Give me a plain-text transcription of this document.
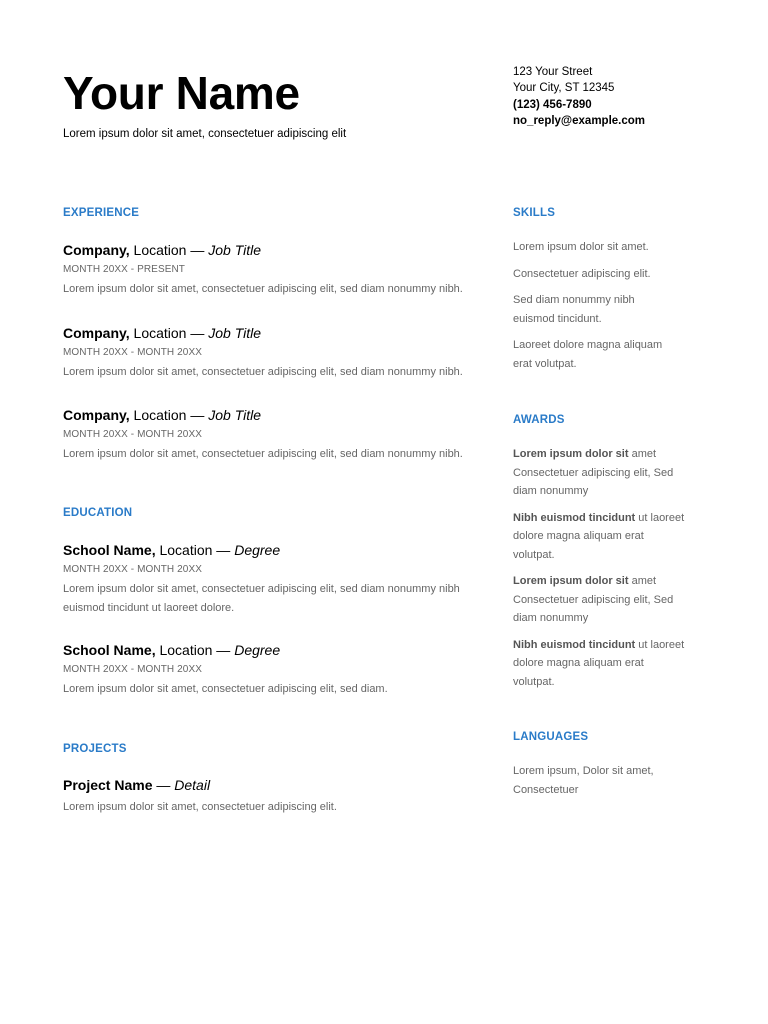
Your Name
Lorem ipsum dolor sit amet, consectetuer adipiscing elit
EXPERIENCE
Company, Location — Job Title
MONTH 20XX - PRESENT
Lorem ipsum dolor sit amet, consectetuer adipiscing elit, sed diam nonummy nibh.
Company, Location — Job Title
MONTH 20XX - MONTH 20XX
Lorem ipsum dolor sit amet, consectetuer adipiscing elit, sed diam nonummy nibh.
Company, Location — Job Title
MONTH 20XX - MONTH 20XX
Lorem ipsum dolor sit amet, consectetuer adipiscing elit, sed diam nonummy nibh.
EDUCATION
School Name, Location — Degree
MONTH 20XX - MONTH 20XX
Lorem ipsum dolor sit amet, consectetuer adipiscing elit, sed diam nonummy nibh euismod tincidunt ut laoreet dolore.
School Name, Location — Degree
MONTH 20XX - MONTH 20XX
Lorem ipsum dolor sit amet, consectetuer adipiscing elit, sed diam.
PROJECTS
Project Name — Detail
Lorem ipsum dolor sit amet, consectetuer adipiscing elit.
123 Your Street
Your City, ST 12345
(123) 456-7890
no_reply@example.com
SKILLS
Lorem ipsum dolor sit amet.
Consectetuer adipiscing elit.
Sed diam nonummy nibh euismod tincidunt.
Laoreet dolore magna aliquam erat volutpat.
AWARDS
Lorem ipsum dolor sit amet Consectetuer adipiscing elit, Sed diam nonummy
Nibh euismod tincidunt ut laoreet dolore magna aliquam erat volutpat.
Lorem ipsum dolor sit amet Consectetuer adipiscing elit, Sed diam nonummy
Nibh euismod tincidunt ut laoreet dolore magna aliquam erat volutpat.
LANGUAGES
Lorem ipsum, Dolor sit amet, Consectetuer
